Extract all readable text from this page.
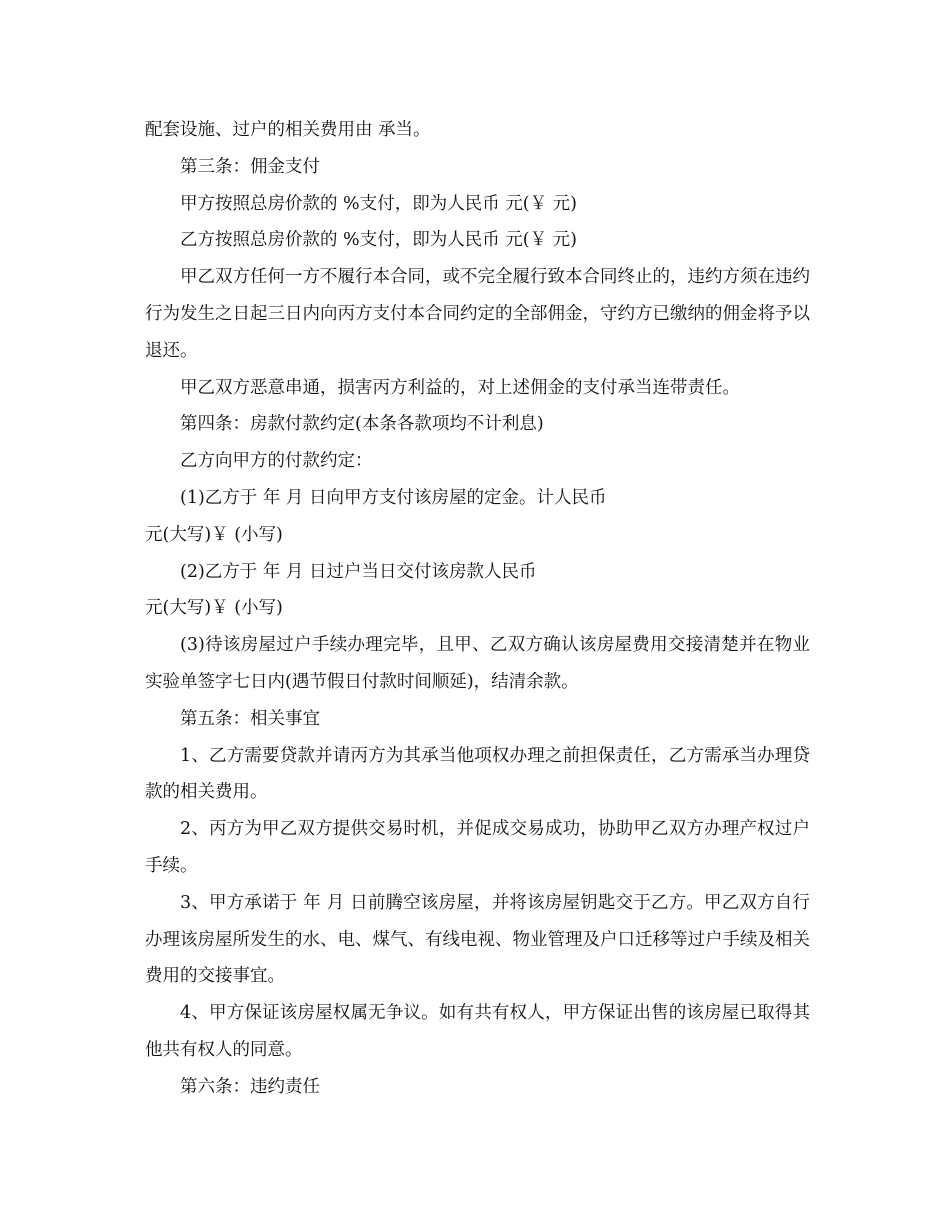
配套设施、过户的相关费用由 承当。

第三条：佣金支付

甲方按照总房价款的 %支付，即为人民币 元(￥ 元)

乙方按照总房价款的 %支付，即为人民币 元(￥ 元)

甲乙双方任何一方不履行本合同，或不完全履行致本合同终止的，违约方须在违约行为发生之日起三日内向丙方支付本合同约定的全部佣金，守约方已缴纳的佣金将予以退还。

甲乙双方恶意串通，损害丙方利益的，对上述佣金的支付承当连带责任。

第四条：房款付款约定(本条各款项均不计利息)

乙方向甲方的付款约定：

(1)乙方于 年 月 日向甲方支付该房屋的定金。计人民币

元(大写)￥ (小写)

(2)乙方于 年 月 日过户当日交付该房款人民币

元(大写)￥ (小写)

(3)待该房屋过户手续办理完毕，且甲、乙双方确认该房屋费用交接清楚并在物业实验单签字七日内(遇节假日付款时间顺延)，结清余款。

第五条：相关事宜

1、乙方需要贷款并请丙方为其承当他项权办理之前担保责任，乙方需承当办理贷款的相关费用。

2、丙方为甲乙双方提供交易时机，并促成交易成功，协助甲乙双方办理产权过户手续。

3、甲方承诺于 年 月 日前腾空该房屋，并将该房屋钥匙交于乙方。甲乙双方自行办理该房屋所发生的水、电、煤气、有线电视、物业管理及户口迁移等过户手续及相关费用的交接事宜。

4、甲方保证该房屋权属无争议。如有共有权人，甲方保证出售的该房屋已取得其他共有权人的同意。

第六条：违约责任
